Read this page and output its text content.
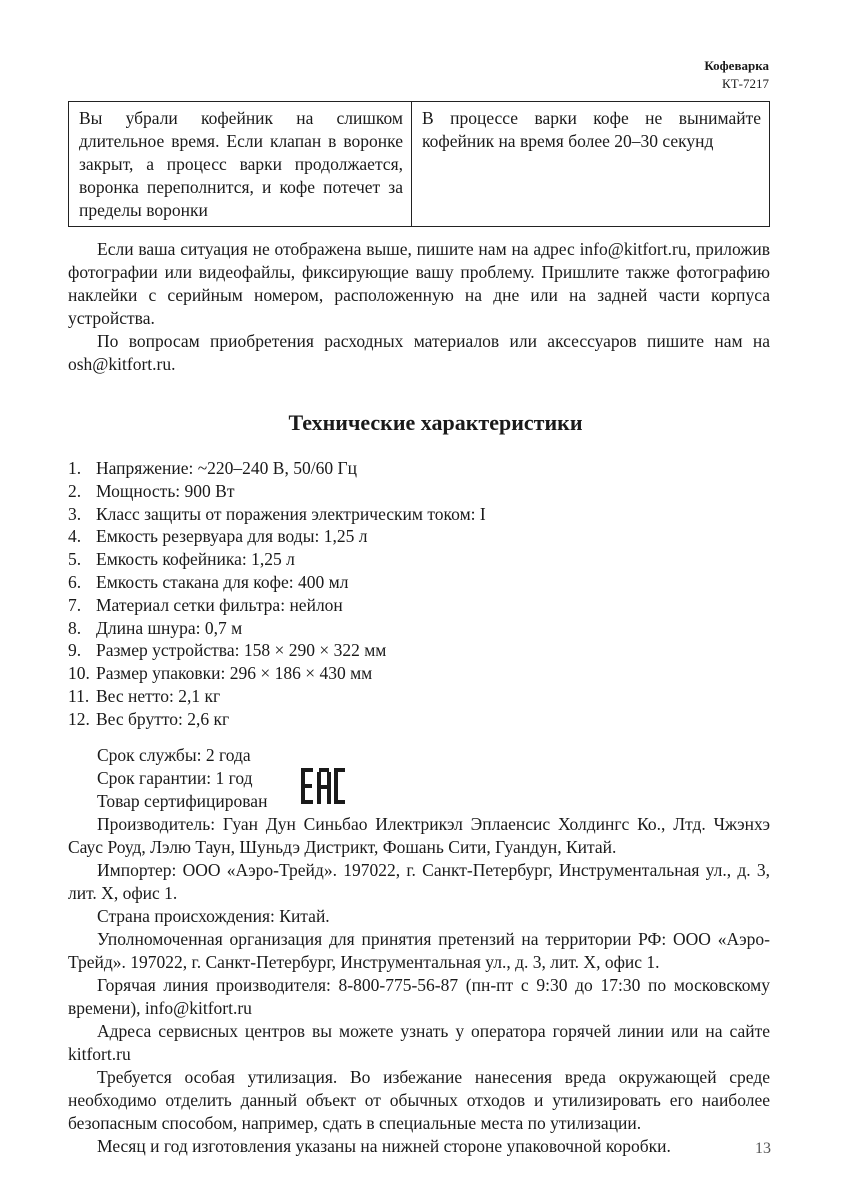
Кофеварка
КТ-7217
Вы убрали кофейник на слишком длительное время. Если клапан в воронке закрыт, а процесс варки продолжается, воронка переполнится, и кофе потечет за пределы воронки	В процессе варки кофе не вынимайте кофейник на время более 20–30 секунд

Если ваша ситуация не отображена выше, пишите нам на адрес info@kitfort.ru, приложив фотографии или видеофайлы, фиксирующие вашу проблему. Пришлите также фотографию наклейки с серийным номером, расположенную на дне или на задней части корпуса устройства.

По вопросам приобретения расходных материалов или аксессуаров пишите нам на osh@kitfort.ru.

Технические характеристики
1. Напряжение: ~220–240 В, 50/60 Гц
2. Мощность: 900 Вт
3. Класс защиты от поражения электрическим током: I
4. Емкость резервуара для воды: 1,25 л
5. Емкость кофейника: 1,25 л
6. Емкость стакана для кофе: 400 мл
7. Материал сетки фильтра: нейлон
8. Длина шнура: 0,7 м
9. Размер устройства: 158 × 290 × 322 мм
10. Размер упаковки: 296 × 186 × 430 мм
11. Вес нетто: 2,1 кг
12. Вес брутто: 2,6 кг
Срок службы: 2 года
Срок гарантии: 1 год
Товар сертифицирован

Производитель: Гуан Дун Синьбао Илектрикэл Эплаенсис Холдингс Ко., Лтд. Чжэнхэ Саус Роуд, Лэлю Таун, Шуньдэ Дистрикт, Фошань Сити, Гуандун, Китай.

Импортер: ООО «Аэро-Трейд». 197022, г. Санкт-Петербург, Инструментальная ул., д. 3, лит. Х, офис 1.

Страна происхождения: Китай.

Уполномоченная организация для принятия претензий на территории РФ: ООО «Аэро-Трейд». 197022, г. Санкт-Петербург, Инструментальная ул., д. 3, лит. Х, офис 1.

Горячая линия производителя: 8-800-775-56-87 (пн-пт с 9:30 до 17:30 по московскому времени), info@kitfort.ru

Адреса сервисных центров вы можете узнать у оператора горячей линии или на сайте kitfort.ru

Требуется особая утилизация. Во избежание нанесения вреда окружающей среде необходимо отделить данный объект от обычных отходов и утилизировать его наиболее безопасным способом, например, сдать в специальные места по утилизации.

Месяц и год изготовления указаны на нижней стороне упаковочной коробки.	13
